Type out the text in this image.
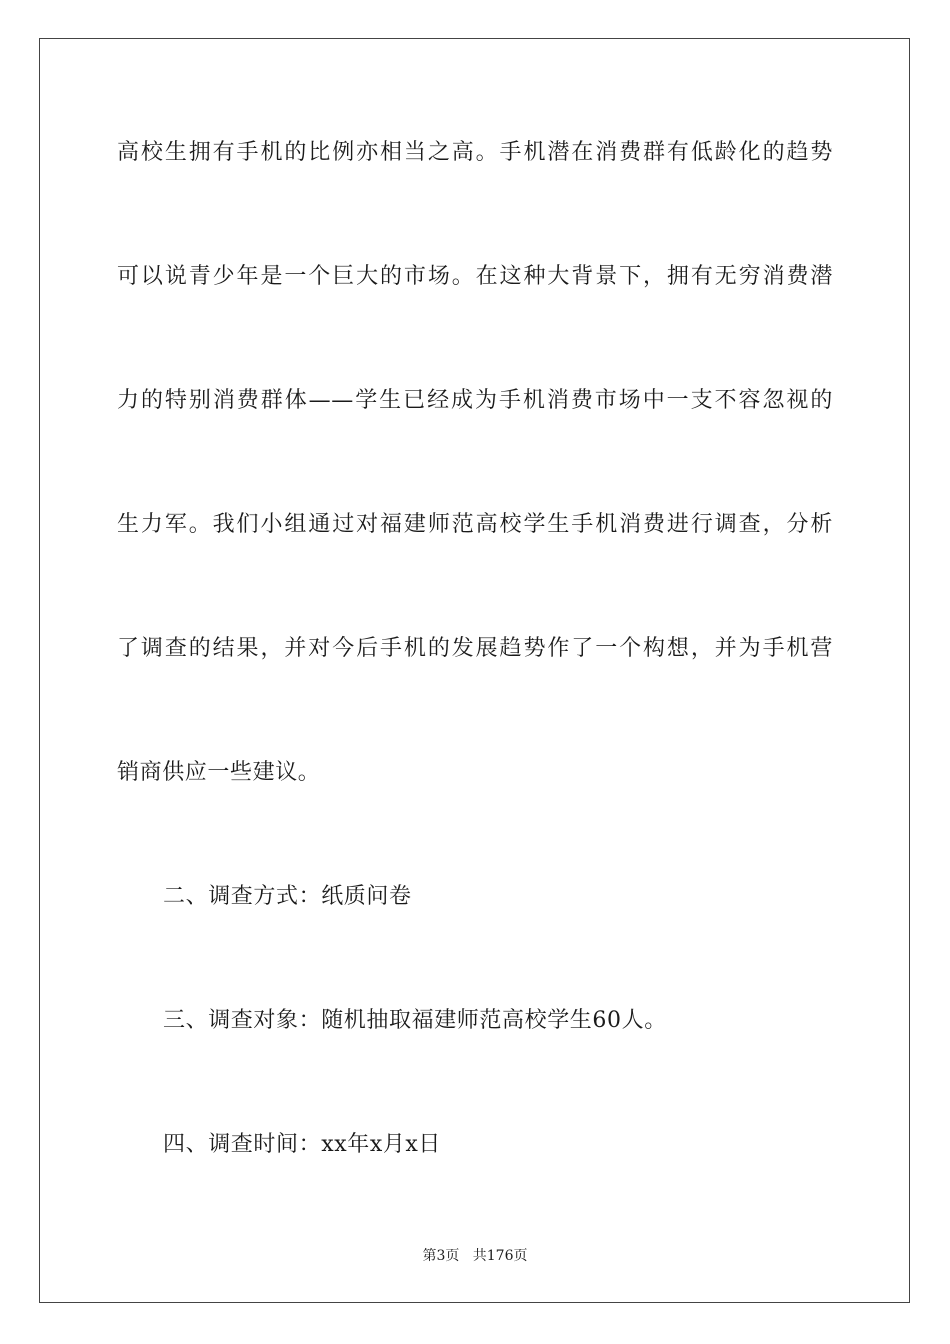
高校生拥有手机的比例亦相当之高。手机潜在消费群有低龄化的趋势
可以说青少年是一个巨大的市场。在这种大背景下，拥有无穷消费潜
力的特别消费群体——学生已经成为手机消费市场中一支不容忽视的
生力军。我们小组通过对福建师范高校学生手机消费进行调查，分析
了调查的结果，并对今后手机的发展趋势作了一个构想，并为手机营
销商供应一些建议。
二、调查方式：纸质问卷
三、调查对象：随机抽取福建师范高校学生60人。
四、调查时间：xx年x月x日
第3页 共176页
